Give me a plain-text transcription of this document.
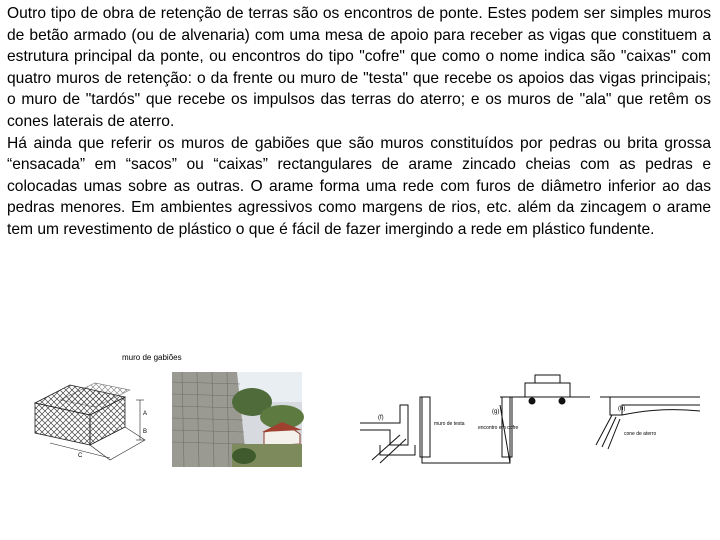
Outro tipo de obra de retenção de terras são os encontros de ponte. Estes podem ser simples muros de betão armado (ou de alvenaria) com uma mesa de apoio para receber as vigas que constituem a estrutura principal da ponte, ou encontros do tipo "cofre" que como o nome indica são "caixas" com quatro muros de retenção: o da frente ou muro de "testa" que recebe os apoios das vigas principais; o muro de "tardós" que recebe os impulsos das terras do aterro; e os muros de "ala" que retêm os cones laterais de aterro.

Há ainda que referir os muros de gabiões que são muros constituídos por pedras ou brita grossa “ensacada” em “sacos” ou “caixas” rectangulares de arame zincado cheias com as pedras e colocadas umas sobre as outras. O arame forma uma rede com furos de diâmetro inferior ao das pedras menores. Em ambientes agressivos como margens de rios, etc. além da zincagem o arame tem um revestimento de plástico o que é fácil de fazer imergindo a rede em plástico fundente.

muro de gabiões
A
B
C
(f)
(g)
muro de testa
encontro em cofre
(h)
cone de aterro
